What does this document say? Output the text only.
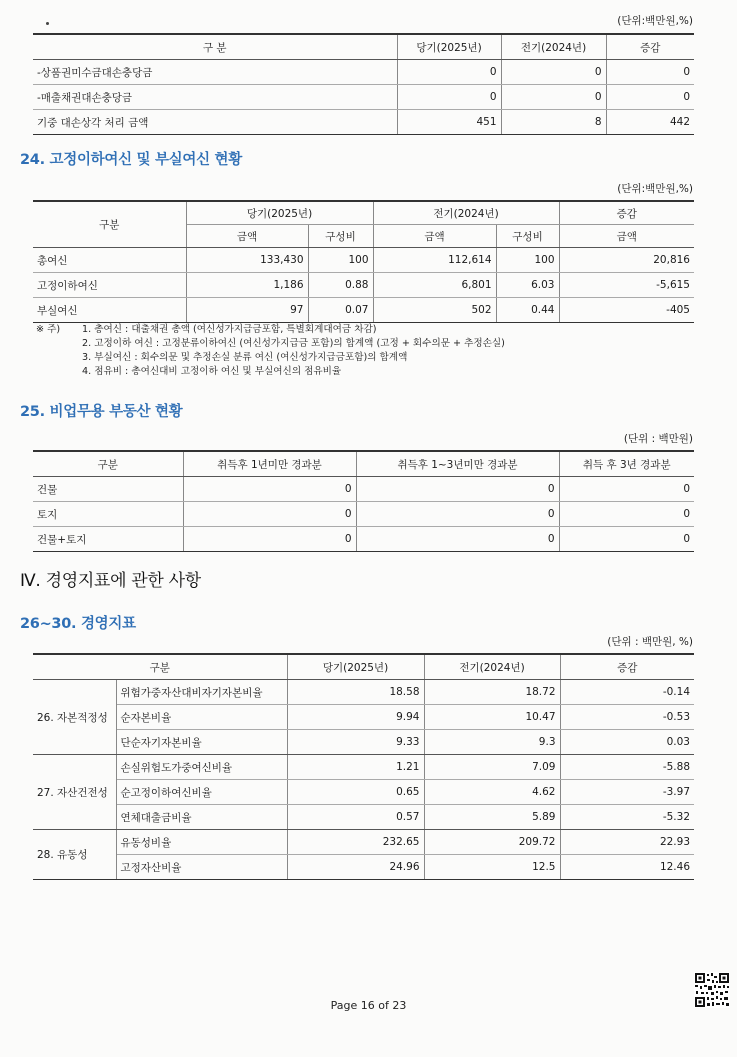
(단위:백만원,%)
구 분	당기(2025년)	전기(2024년)	증감
-상품권미수금대손충당금	0	0	0
-매출채권대손충당금	0	0	0
기중 대손상각 처리 금액	451	8	442
24. 고정이하여신 및 부실여신 현황
(단위:백만원,%)
구분	당기(2025년)		전기(2024년)		증감
	금액	구성비	금액	구성비	금액
총여신	133,430	100	112,614	100	20,816
고정이하여신	1,186	0.88	6,801	6.03	-5,615
부실여신	97	0.07	502	0.44	-405
※ 주)	1. 총여신 : 대출채권 총액 (여신성가지급금포함, 특별회계대여금 차감)
2. 고정이하 여신 : 고정분류이하여신 (여신성가지급금 포함)의 합계액 (고정 + 회수의문 + 추정손실)
3. 부실여신 : 회수의문 및 추정손실 분류 여신 (여신성가지급금포함)의 합계액
4. 점유비 : 총여신대비 고정이하 여신 및 부실여신의 점유비율
25. 비업무용 부동산 현황
(단위 : 백만원)
구분	취득후 1년미만 경과분	취득후 1~3년미만 경과분	취득 후 3년 경과분
건물	0	0	0
토지	0	0	0
건물+토지	0	0	0
Ⅳ. 경영지표에 관한 사항
26~30. 경영지표
(단위 : 백만원, %)
구분		당기(2025년)	전기(2024년)	증감
26. 자본적정성	위험가중자산대비자기자본비율	18.58	18.72	-0.14
	순자본비율	9.94	10.47	-0.53
	단순자기자본비율	9.33	9.3	0.03
27. 자산건전성	손실위험도가중여신비율	1.21	7.09	-5.88
	순고정이하여신비율	0.65	4.62	-3.97
	연체대출금비율	0.57	5.89	-5.32
28. 유동성	유동성비율	232.65	209.72	22.93
	고정자산비율	24.96	12.5	12.46
Page 16 of 23
